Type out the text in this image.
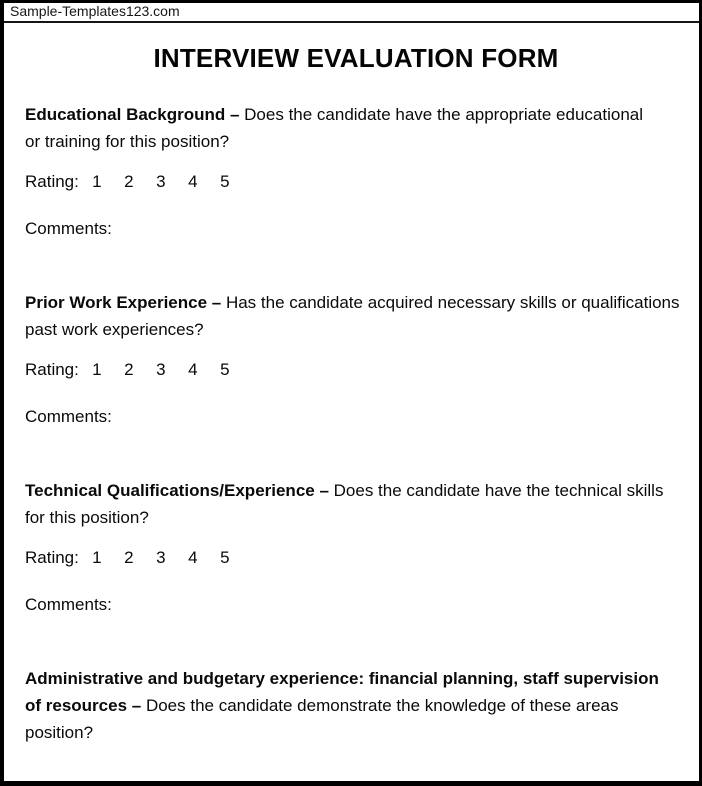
Sample-Templates123.com
INTERVIEW EVALUATION FORM

Educational Background – Does the candidate have the appropriate educational
or training for this position?

Rating: 1 2 3 4 5
Comments:

Prior Work Experience – Has the candidate acquired necessary skills or qualifications
past work experiences?

Rating: 1 2 3 4 5
Comments:

Technical Qualifications/Experience – Does the candidate have the technical skills
for this position?

Rating: 1 2 3 4 5
Comments:

Administrative and budgetary experience: financial planning, staff supervision
of resources – Does the candidate demonstrate the knowledge of these areas
position?
